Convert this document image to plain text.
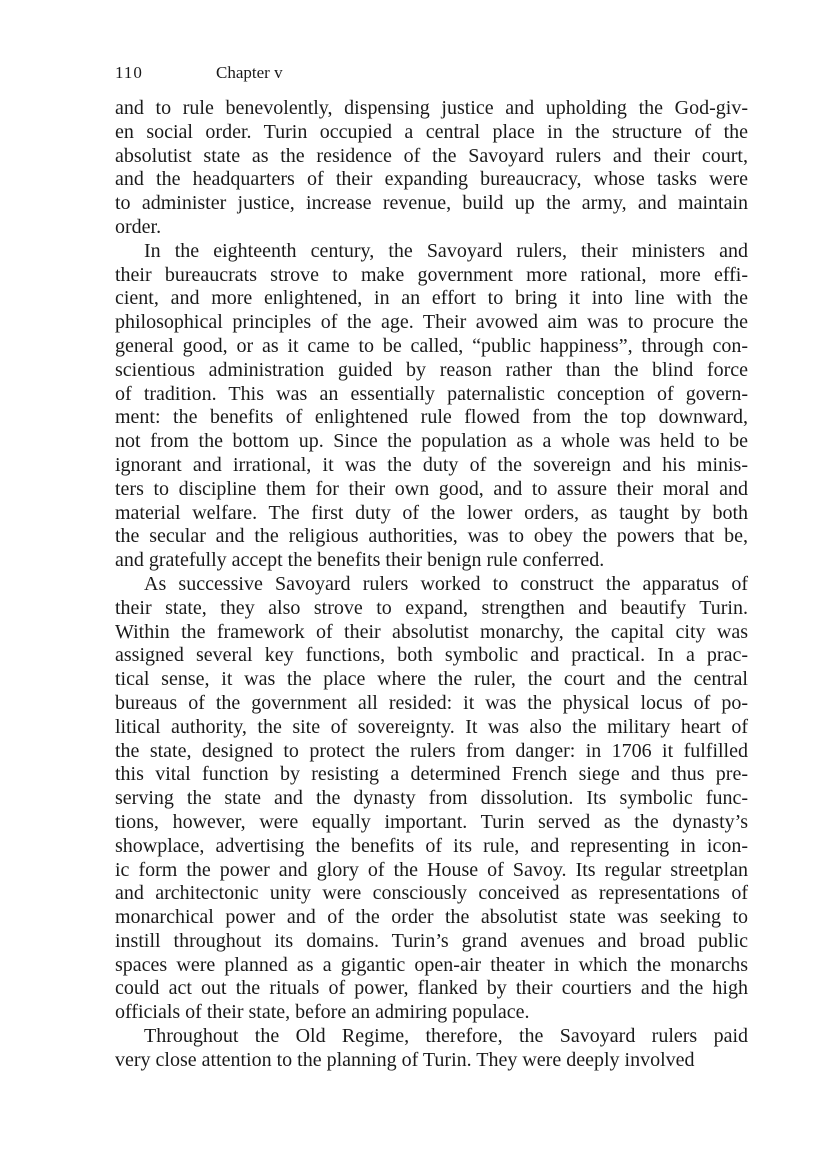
110	Chapter v
and to rule benevolently, dispensing justice and upholding the God-giv-
en social order. Turin occupied a central place in the structure of the
absolutist state as the residence of the Savoyard rulers and their court,
and the headquarters of their expanding bureaucracy, whose tasks were
to administer justice, increase revenue, build up the army, and maintain
order.
In the eighteenth century, the Savoyard rulers, their ministers and
their bureaucrats strove to make government more rational, more effi-
cient, and more enlightened, in an effort to bring it into line with the
philosophical principles of the age. Their avowed aim was to procure the
general good, or as it came to be called, “public happiness”, through con-
scientious administration guided by reason rather than the blind force
of tradition. This was an essentially paternalistic conception of govern-
ment: the benefits of enlightened rule flowed from the top downward,
not from the bottom up. Since the population as a whole was held to be
ignorant and irrational, it was the duty of the sovereign and his minis-
ters to discipline them for their own good, and to assure their moral and
material welfare. The first duty of the lower orders, as taught by both
the secular and the religious authorities, was to obey the powers that be,
and gratefully accept the benefits their benign rule conferred.
As successive Savoyard rulers worked to construct the apparatus of
their state, they also strove to expand, strengthen and beautify Turin.
Within the framework of their absolutist monarchy, the capital city was
assigned several key functions, both symbolic and practical. In a prac-
tical sense, it was the place where the ruler, the court and the central
bureaus of the government all resided: it was the physical locus of po-
litical authority, the site of sovereignty. It was also the military heart of
the state, designed to protect the rulers from danger: in 1706 it fulfilled
this vital function by resisting a determined French siege and thus pre-
serving the state and the dynasty from dissolution. Its symbolic func-
tions, however, were equally important. Turin served as the dynasty’s
showplace, advertising the benefits of its rule, and representing in icon-
ic form the power and glory of the House of Savoy. Its regular streetplan
and architectonic unity were consciously conceived as representations of
monarchical power and of the order the absolutist state was seeking to
instill throughout its domains. Turin’s grand avenues and broad public
spaces were planned as a gigantic open-air theater in which the monarchs
could act out the rituals of power, flanked by their courtiers and the high
officials of their state, before an admiring populace.
Throughout the Old Regime, therefore, the Savoyard rulers paid
very close attention to the planning of Turin. They were deeply involved
